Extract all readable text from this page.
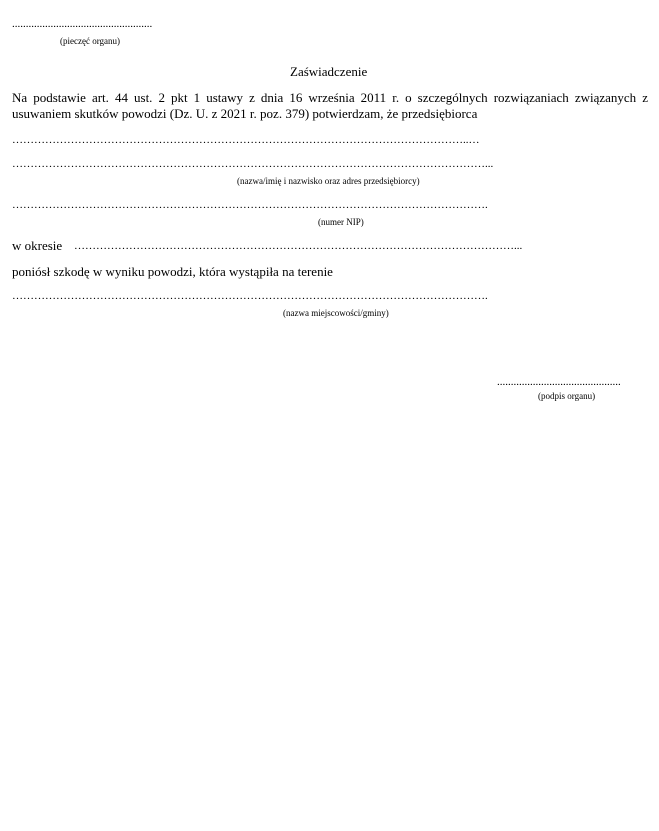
...................................................
(pieczęć organu)
Zaświadczenie
Na podstawie art. 44 ust. 2 pkt 1 ustawy z dnia 16 września 2011 r. o szczególnych rozwiązaniach związanych z usuwaniem skutków powodzi (Dz. U. z 2021 r. poz. 379) potwierdzam, że przedsiębiorca
……………………………………………………………………………………………………………..…
…………………………………………………………………………………………………………………...
(nazwa/imię i nazwisko oraz adres przedsiębiorcy)
………………………………………………………………………………………………………………….
(numer NIP)
w okresie …………………………………………………………………………………………………………...
poniósł szkodę w wyniku powodzi, która wystąpiła na terenie
………………………………………………………………………………………………………………….
(nazwa miejscowości/gminy)
.............................................
(podpis organu)
